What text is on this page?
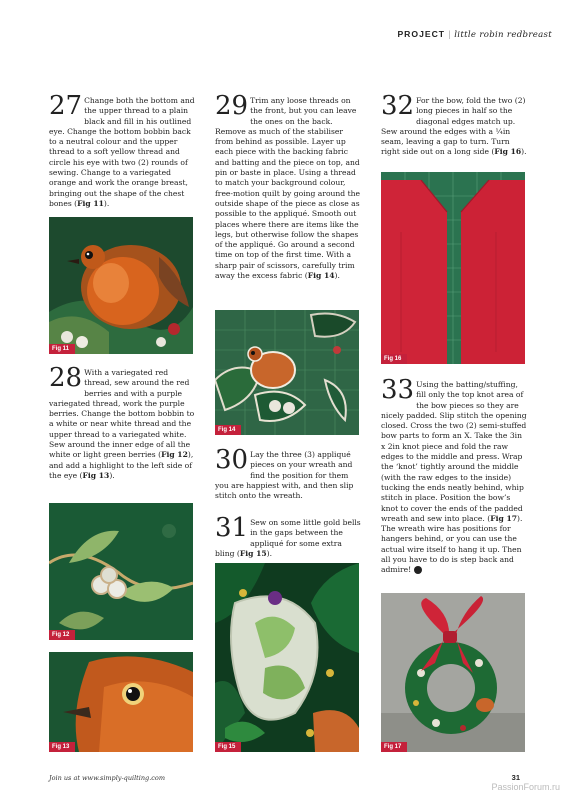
PROJECT | little robin redbreast
27 Change both the bottom and the upper thread to a plain black and fill in his outlined eye. Change the bottom bobbin back to a neutral colour and the upper thread to a soft yellow thread and circle his eye with two (2) rounds of sewing. Change to a variegated orange and work the orange breast, bringing out the shape of the chest bones (Fig 11).
Fig 11
28 With a variegated red thread, sew around the red berries and with a purple variegated thread, work the purple berries. Change the bottom bobbin to a white or near white thread and the upper thread to a variegated white. Sew around the inner edge of all the white or light green berries (Fig 12), and add a highlight to the left side of the eye (Fig 13).
Fig 12
Fig 13
29 Trim any loose threads on the front, but you can leave the ones on the back. Remove as much of the stabiliser from behind as possible. Layer up each piece with the backing fabric and batting and the piece on top, and pin or baste in place. Using a thread to match your background colour, free-motion quilt by going around the outside shape of the piece as close as possible to the appliqué. Smooth out places where there are items like the legs, but otherwise follow the shapes of the appliqué. Go around a second time on top of the first time. With a sharp pair of scissors, carefully trim away the excess fabric (Fig 14).
Fig 14
30 Lay the three (3) appliqué pieces on your wreath and find the position for them you are happiest with, and then slip stitch onto the wreath.
31 Sew on some little gold bells in the gaps between the appliqué for some extra bling (Fig 15).
Fig 15
32 For the bow, fold the two (2) long pieces in half so the diagonal edges match up. Sew around the edges with a ¼in seam, leaving a gap to turn. Turn right side out on a long side (Fig 16).
Fig 16
33 Using the batting/stuffing, fill only the top knot area of the bow pieces so they are nicely padded. Slip stitch the opening closed. Cross the two (2) semi-stuffed bow parts to form an X. Take the 3in x 2in knot piece and fold the raw edges to the middle and press. Wrap the ‘knot’ tightly around the middle (with the raw edges to the inside) tucking the ends neatly behind, whip stitch in place. Position the bow’s knot to cover the ends of the padded wreath and sew into place. (Fig 17). The wreath wire has positions for hangers behind, or you can use the actual wire itself to hang it up. Then all you have to do is step back and admire!
Fig 17
Join us at www.simply-quilting.com	31
PassionForum.ru
